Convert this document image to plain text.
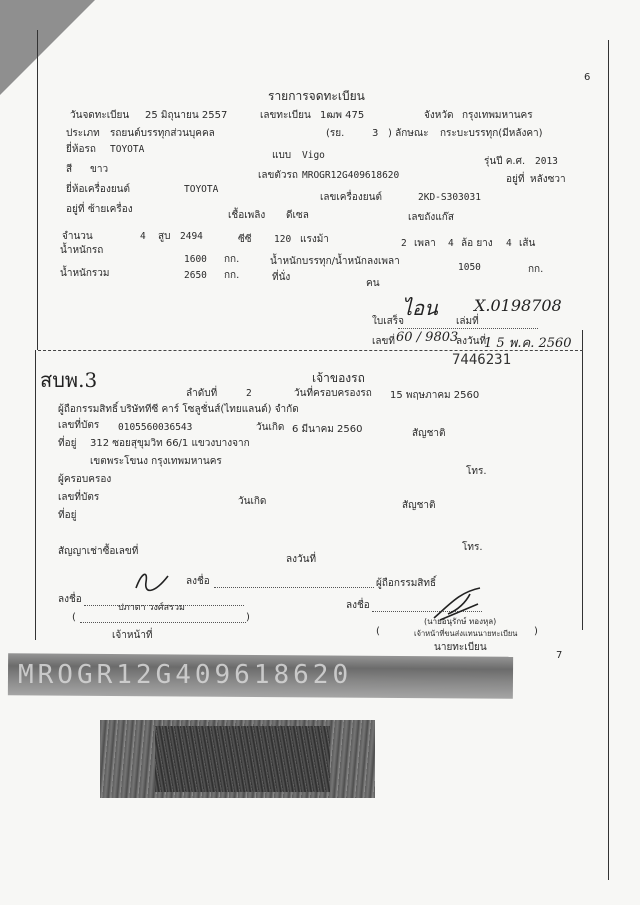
6
7
รายการจดทะเบียน
วันจดทะเบียน 25 มิถุนายน 2557	เลขทะเบียน 1ฒพ 475	จังหวัด กรุงเทพมหานคร
ประเภท รถยนต์บรรทุกส่วนบุคคล	(รย.	3 ) ลักษณะ กระบะบรรทุก(มีหลังคา)
ยี่ห้อรถ TOYOTA
แบบ Vigo
รุ่นปี ค.ศ. 2013
สี ขาว
เลขตัวรถ MROGR12G409618620	อยู่ที่ หลังซวา
ยี่ห้อเครื่องยนต์	TOYOTA
เลขเครื่องยนต์	2KD-S303031
อยู่ที่ ซ้ายเครื่อง
เชื้อเพลิง ดีเซล	เลขถังแก๊ส
จำนวน	4 สูบ 2494	ซีซี 120 แรงม้า	2 เพลา 4 ล้อ ยาง 4 เส้น
น้ำหนักรถ
1600 กก.	น้ำหนักบรรทุก/น้ำหนักลงเพลา
1050	กก.
น้ำหนักรวม	2650 กก.	ที่นั่ง
คน
ใบเสร็จ
ไอน
เล่มที่
X.0198708
เลขที่ 60 / 9803
ลงวันที่
1 5 พ.ค. 2560
7446231
สบพ.3	เจ้าของรถ
ลำดับที่	2	วันที่ครอบครองรถ 15 พฤษภาคม 2560
ผู้ถือกรรมสิทธิ์ บริษัททีซี คาร์ โซลูชั่นส์(ไทยแลนด์) จำกัด
เลขที่บัตร 0105560036543	วันเกิด 6 มีนาคม 2560	สัญชาติ
ที่อยู่ 312 ซอยสุขุมวิท 66/1 แขวงบางจาก
เขตพระโขนง กรุงเทพมหานคร
โทร.
ผู้ครอบครอง
เลขที่บัตร	วันเกิด	สัญชาติ
ที่อยู่
โทร.
สัญญาเช่าซื้อเลขที่
ลงวันที่
ลงชื่อ	ผู้ถือกรรมสิทธิ์
ลงชื่อ
ปภาดา วงศ์สรวม
(	)
เจ้าหน้าที่
ลงชื่อ
(นายอนุรักษ์ ทองหุล)
(	เจ้าหน้าที่ขนส่งแทนนายทะเบียน )
นายทะเบียน
MROGR12G409618620
